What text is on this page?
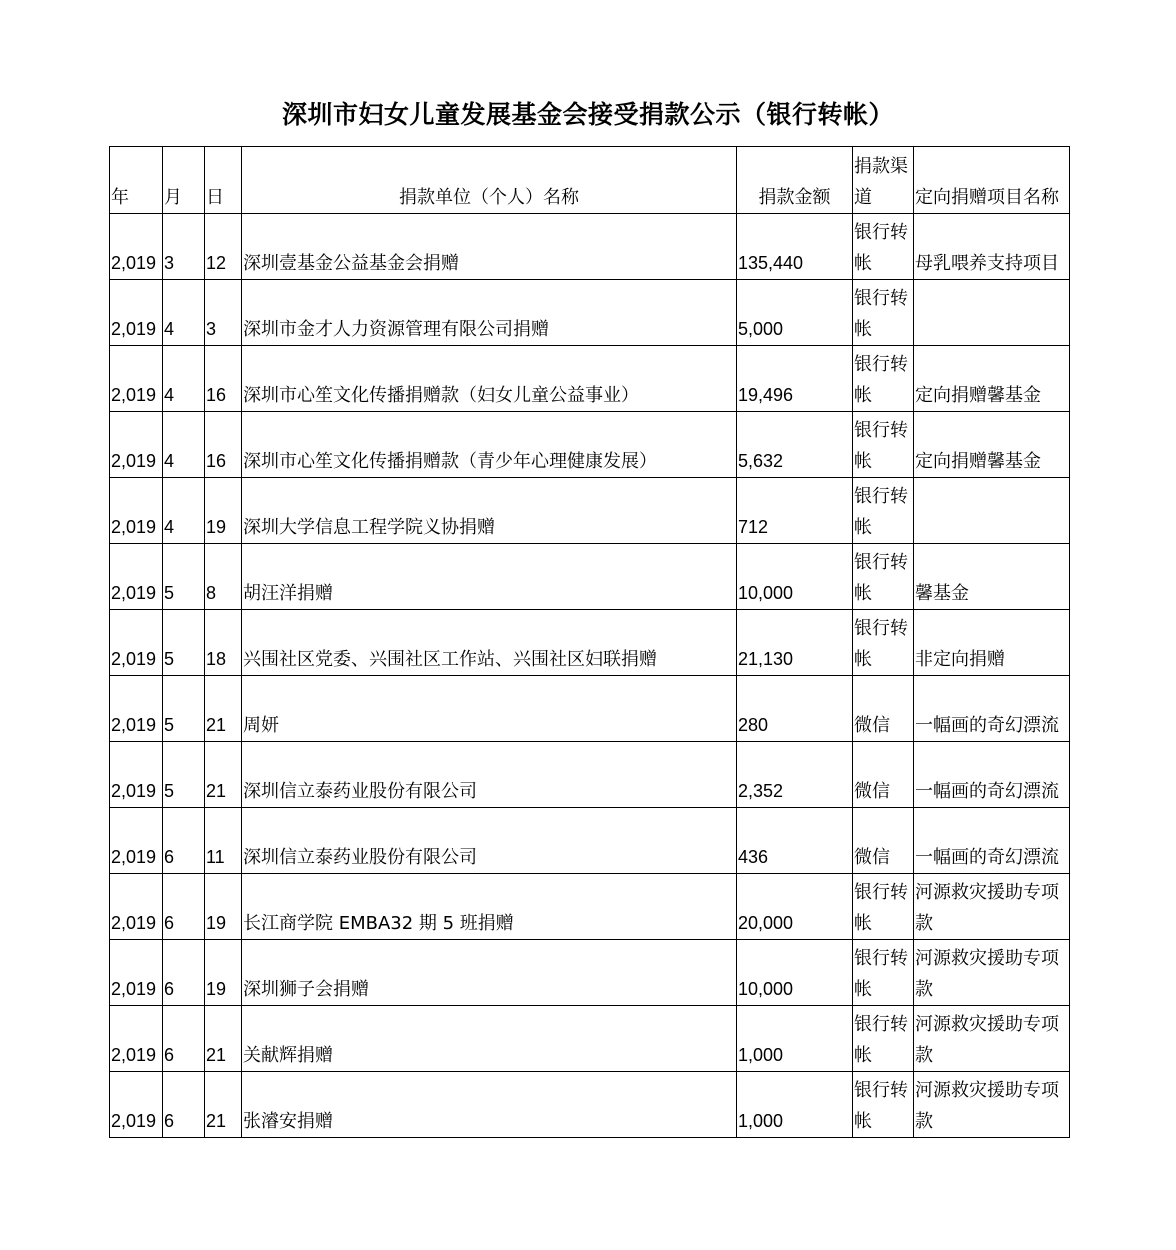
深圳市妇女儿童发展基金会接受捐款公示（银行转帐）
年	月	日	捐款单位（个人）名称	捐款金额	捐款渠道	定向捐赠项目名称
2,019	3	12	深圳壹基金公益基金会捐赠	135,440	银行转帐	母乳喂养支持项目
2,019	4	3	深圳市金才人力资源管理有限公司捐赠	5,000	银行转帐	
2,019	4	16	深圳市心笙文化传播捐赠款（妇女儿童公益事业）	19,496	银行转帐	定向捐赠馨基金
2,019	4	16	深圳市心笙文化传播捐赠款（青少年心理健康发展）	5,632	银行转帐	定向捐赠馨基金
2,019	4	19	深圳大学信息工程学院义协捐赠	712	银行转帐	
2,019	5	8	胡汪洋捐赠	10,000	银行转帐	馨基金
2,019	5	18	兴围社区党委、兴围社区工作站、兴围社区妇联捐赠	21,130	银行转帐	非定向捐赠
2,019	5	21	周妍	280	微信	一幅画的奇幻漂流
2,019	5	21	深圳信立泰药业股份有限公司	2,352	微信	一幅画的奇幻漂流
2,019	6	11	深圳信立泰药业股份有限公司	436	微信	一幅画的奇幻漂流
2,019	6	19	长江商学院 EMBA32 期 5 班捐赠	20,000	银行转帐	河源救灾援助专项款
2,019	6	19	深圳狮子会捐赠	10,000	银行转帐	河源救灾援助专项款
2,019	6	21	关献辉捐赠	1,000	银行转帐	河源救灾援助专项款
2,019	6	21	张濬安捐赠	1,000	银行转帐	河源救灾援助专项款
